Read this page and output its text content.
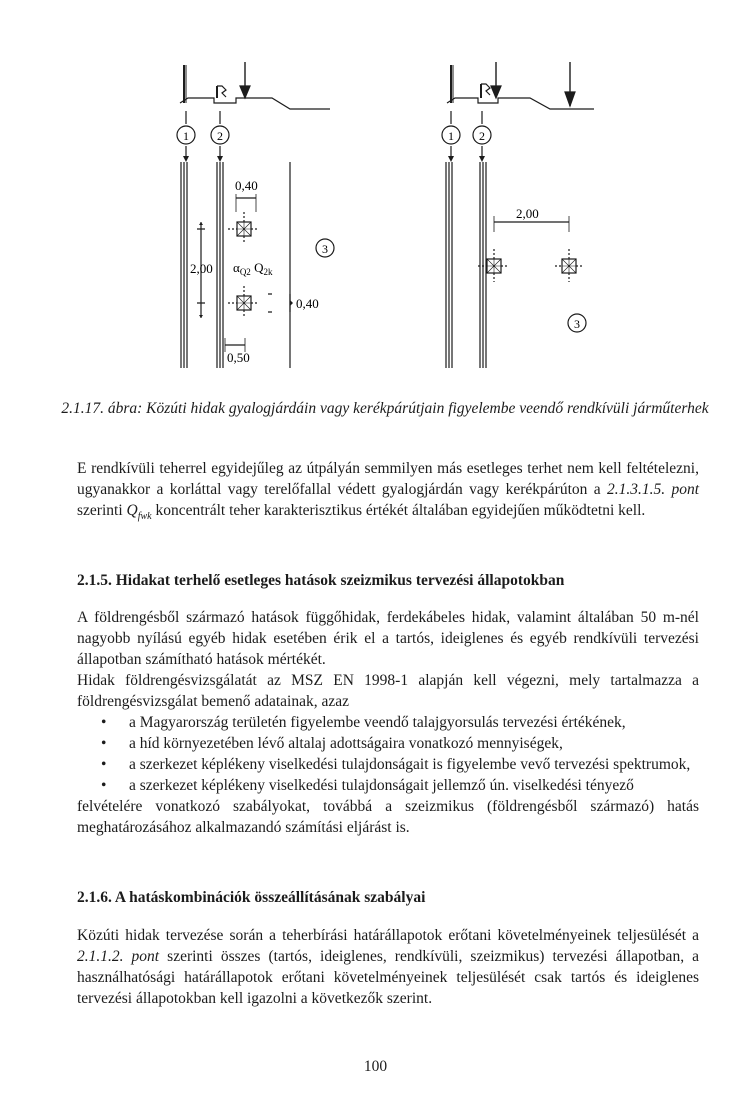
1 2
0,40
2,00 $\alpha_{Q2}$ $Q_{2k}$
3
0,40
0,50
1 2
2,00
3
2.1.17. ábra: Közúti hidak gyalogjárdáin vagy kerékpárútjain figyelembe veendő rendkívüli járműterhek

E rendkívüli teherrel egyidejűleg az útpályán semmilyen más esetleges terhet nem kell feltételezni, ugyanakkor a korláttal vagy terelőfallal védett gyalogjárdán vagy kerékpárúton a 2.1.3.1.5. pont szerinti $Q_{fwk}$ koncentrált teher karakterisztikus értékét általában egyidejűen működtetni kell.

2.1.5. Hidakat terhelő esetleges hatások szeizmikus tervezési állapotokban

A földrengésből származó hatások függőhidak, ferdekábeles hidak, valamint általában 50 m-nél nagyobb nyílású egyéb hidak esetében érik el a tartós, ideiglenes és egyéb rendkívüli tervezési állapotban számítható hatások mértékét.

Hidak földrengésvizsgálatát az MSZ EN 1998-1 alapján kell végezni, mely tartalmazza a földrengésvizsgálat bemenő adatainak, azaz

• a Magyarország területén figyelembe veendő talajgyorsulás tervezési értékének,
• a híd környezetében lévő altalaj adottságaira vonatkozó mennyiségek,
• a szerkezet képlékeny viselkedési tulajdonságait is figyelembe vevő tervezési spektrumok,
• a szerkezet képlékeny viselkedési tulajdonságait jellemző ún. viselkedési tényező

felvételére vonatkozó szabályokat, továbbá a szeizmikus (földrengésből származó) hatás meghatározásához alkalmazandó számítási eljárást is.

2.1.6. A hatáskombinációk összeállításának szabályai

Közúti hidak tervezése során a teherbírási határállapotok erőtani követelményeinek teljesülését a 2.1.1.2. pont szerinti összes (tartós, ideiglenes, rendkívüli, szeizmikus) tervezési állapotban, a használhatósági határállapotok erőtani követelményeinek teljesülését csak tartós és ideiglenes tervezési állapotokban kell igazolni a következők szerint.

100
